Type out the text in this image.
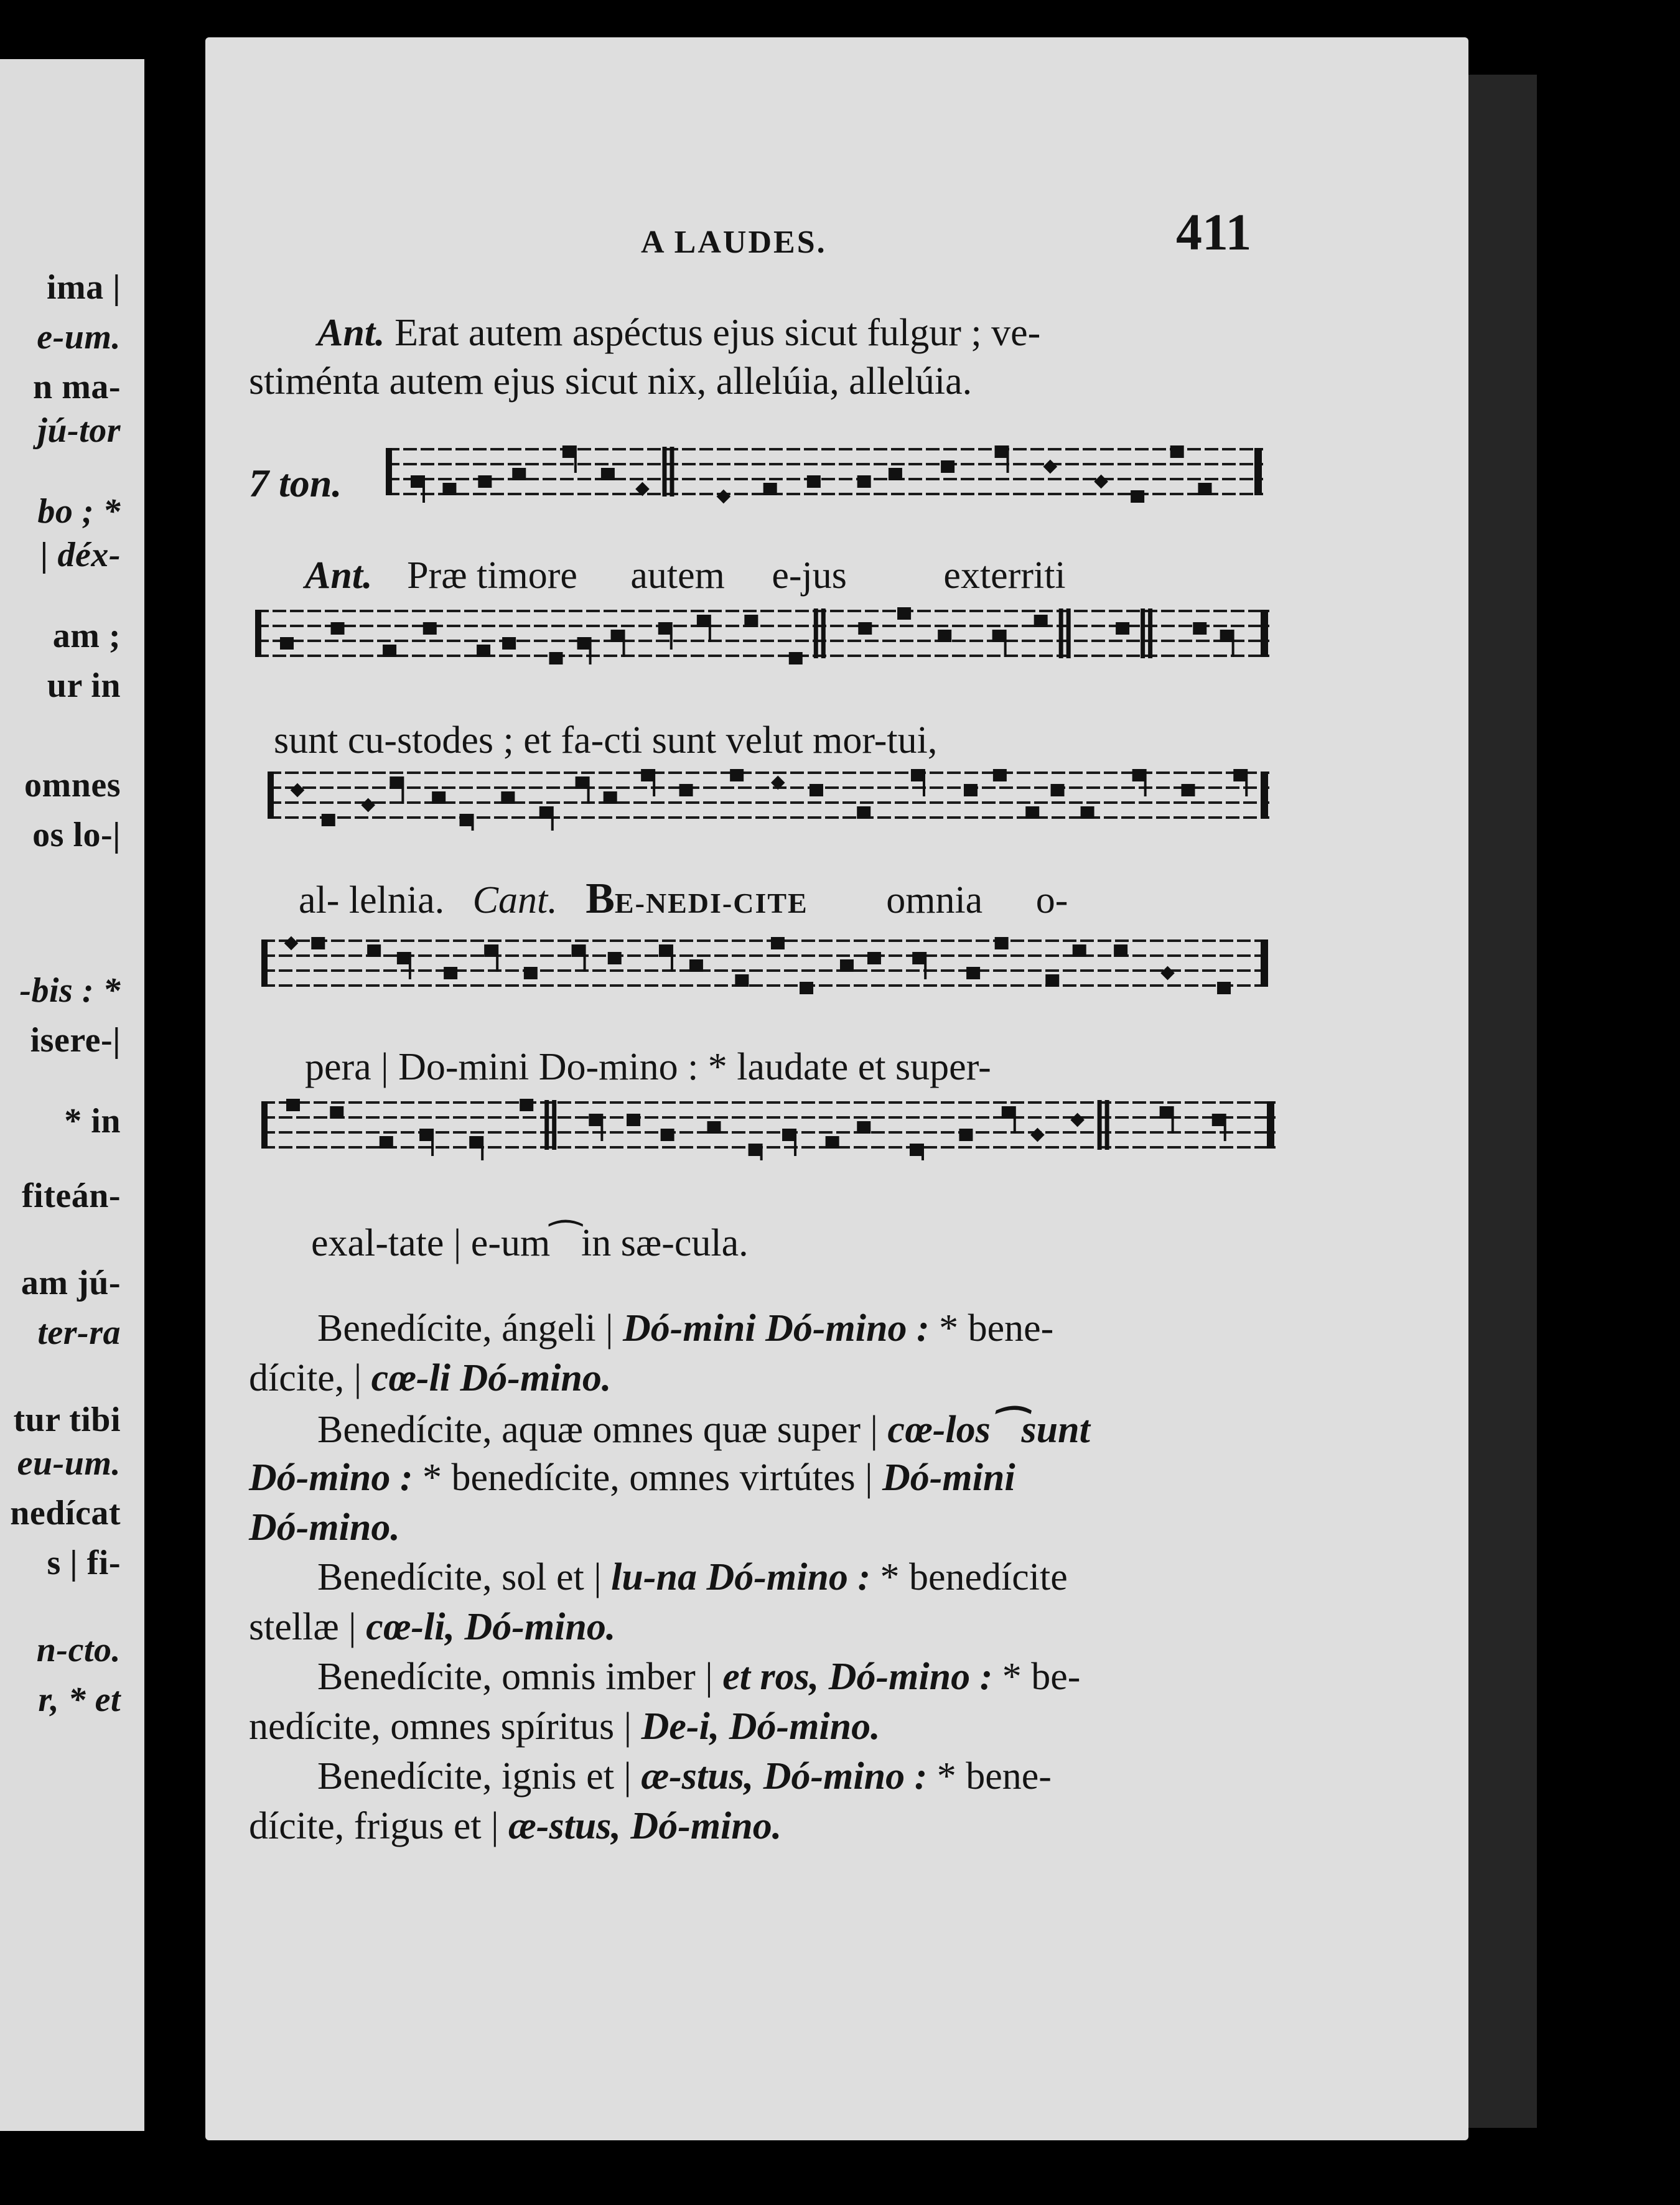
ima |
e-um.
n ma-
jú-tor
bo ; *
| déx-
am ;
ur in
omnes
os lo-|
-bis : *
isere-|
* in
fiteán-
am jú-
ter-ra
tur tibi
eu-um.
nedícat
s | fi-
n-cto.
r, * et
A LAUDES.	411
Ant. Erat autem aspéctus ejus sicut fulgur ; ve-
stiménta autem ejus sicut nix, allelúia, allelúia.
7 ton.
Ant. Præ timore autem e-jus	exterriti
sunt cu-stodes ; et fa-cti sunt velut mor-tui,
al- lelnia. Cant. BE-NEDI-CITE omnia o-
pera | Do-mini Do-mino : * laudate et super-
exal-tate | e-um⁀in sæ-cula.
Benedícite, ángeli | Dó-mini Dó-mino : * bene-
dícite, | cœ-li Dó-mino.
Benedícite, aquæ omnes quæ super | cœ-los⁀sunt
Dó-mino : * benedícite, omnes virtútes | Dó-mini
Dó-mino.
Benedícite, sol et | lu-na Dó-mino : * benedícite
stellæ | cœ-li, Dó-mino.
Benedícite, omnis imber | et ros, Dó-mino : * be-
nedícite, omnes spíritus | De-i, Dó-mino.
Benedícite, ignis et | æ-stus, Dó-mino : * bene-
dícite, frigus et | æ-stus, Dó-mino.
